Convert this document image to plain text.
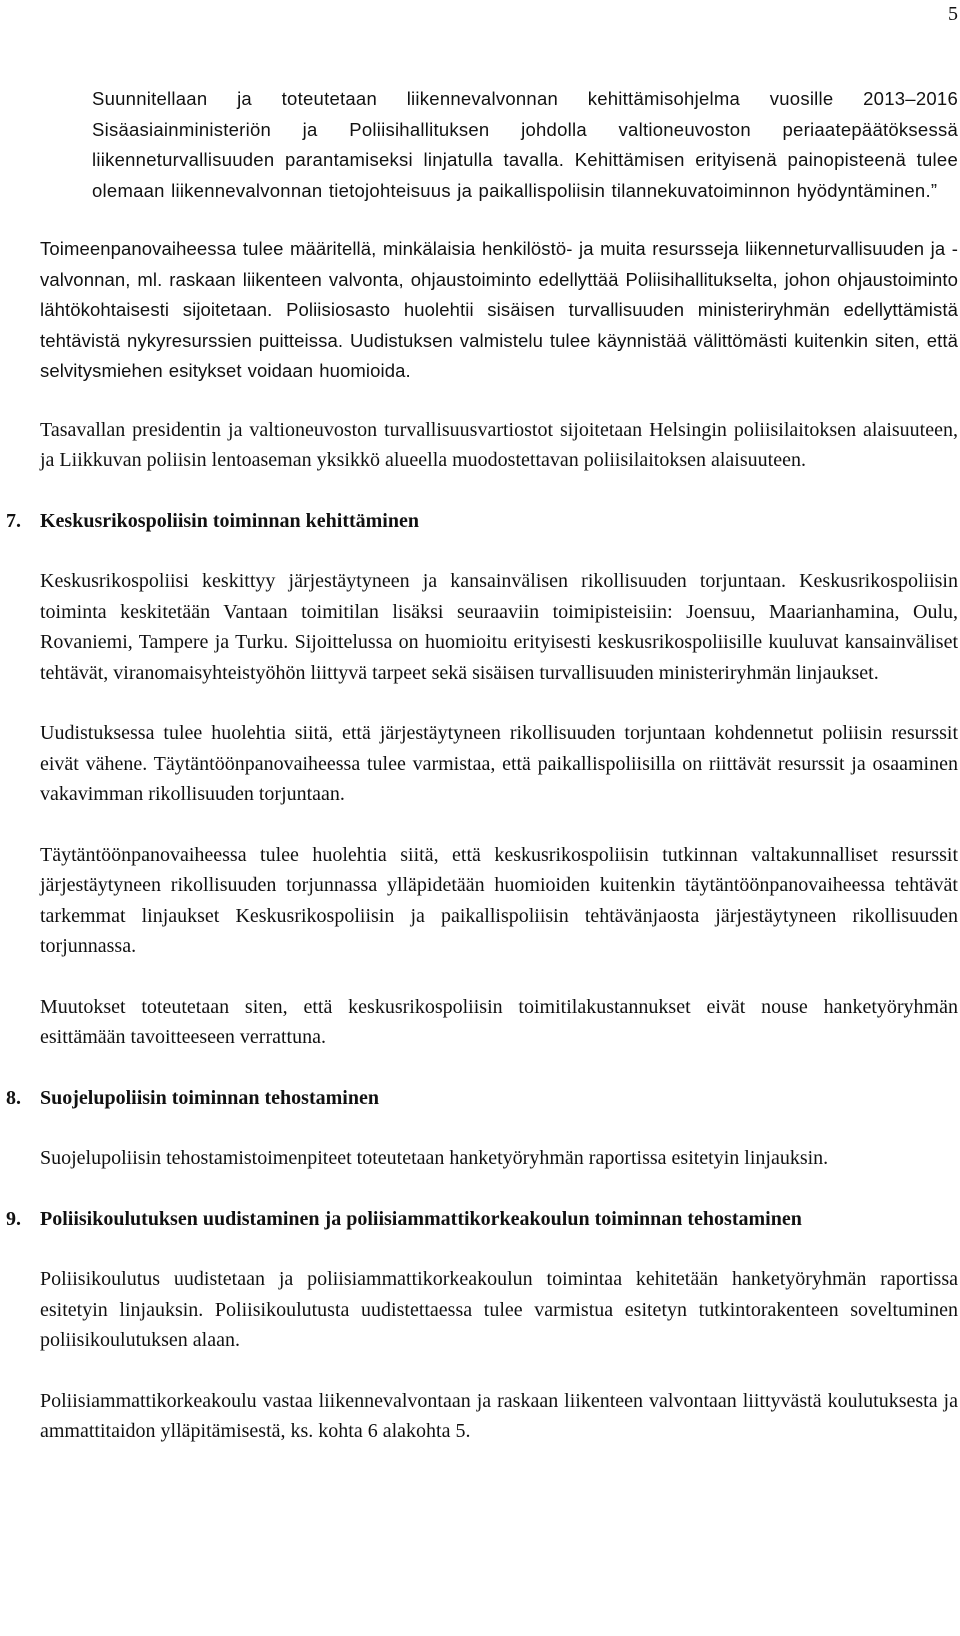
5

Suunnitellaan ja toteutetaan liikennevalvonnan kehittämisohjelma vuosille 2013–2016 Sisäasiainministeriön ja Poliisihallituksen johdolla valtioneuvoston periaatepäätöksessä liikenneturvallisuuden parantamiseksi linjatulla tavalla. Kehittämisen erityisenä painopisteenä tulee olemaan liikennevalvonnan tietojohteisuus ja paikallispoliisin tilannekuvatoiminnon hyödyntäminen.”

Toimeenpanovaiheessa tulee määritellä, minkälaisia henkilöstö- ja muita resursseja liikenneturvallisuuden ja -valvonnan, ml. raskaan liikenteen valvonta, ohjaustoiminto edellyttää Poliisihallitukselta, johon ohjaustoiminto lähtökohtaisesti sijoitetaan. Poliisiosasto huolehtii sisäisen turvallisuuden ministeriryhmän edellyttämistä tehtävistä nykyresurssien puitteissa. Uudistuksen valmistelu tulee käynnistää välittömästi kuitenkin siten, että selvitysmiehen esitykset voidaan huomioida.

Tasavallan presidentin ja valtioneuvoston turvallisuusvartiostot sijoitetaan Helsingin poliisilaitoksen alaisuuteen, ja Liikkuvan poliisin lentoaseman yksikkö alueella muodostettavan poliisilaitoksen alaisuuteen.

7. Keskusrikospoliisin toiminnan kehittäminen

Keskusrikospoliisi keskittyy järjestäytyneen ja kansainvälisen rikollisuuden torjuntaan. Keskusrikospoliisin toiminta keskitetään Vantaan toimitilan lisäksi seuraaviin toimipisteisiin: Joensuu, Maarianhamina, Oulu, Rovaniemi, Tampere ja Turku. Sijoittelussa on huomioitu erityisesti keskusrikospoliisille kuuluvat kansainväliset tehtävät, viranomaisyhteistyöhön liittyvä tarpeet sekä sisäisen turvallisuuden ministeriryhmän linjaukset.

Uudistuksessa tulee huolehtia siitä, että järjestäytyneen rikollisuuden torjuntaan kohdennetut poliisin resurssit eivät vähene. Täytäntöönpanovaiheessa tulee varmistaa, että paikallispoliisilla on riittävät resurssit ja osaaminen vakavimman rikollisuuden torjuntaan.

Täytäntöönpanovaiheessa tulee huolehtia siitä, että keskusrikospoliisin tutkinnan valtakunnalliset resurssit järjestäytyneen rikollisuuden torjunnassa ylläpidetään huomioiden kuitenkin täytäntöönpanovaiheessa tehtävät tarkemmat linjaukset Keskusrikospoliisin ja paikallispoliisin tehtävänjaosta järjestäytyneen rikollisuuden torjunnassa.

Muutokset toteutetaan siten, että keskusrikospoliisin toimitilakustannukset eivät nouse hanketyöryhmän esittämään tavoitteeseen verrattuna.

8. Suojelupoliisin toiminnan tehostaminen

Suojelupoliisin tehostamistoimenpiteet toteutetaan hanketyöryhmän raportissa esitetyin linjauksin.

9. Poliisikoulutuksen uudistaminen ja poliisiammattikorkeakoulun toiminnan tehostaminen

Poliisikoulutus uudistetaan ja poliisiammattikorkeakoulun toimintaa kehitetään hanketyöryhmän raportissa esitetyin linjauksin. Poliisikoulutusta uudistettaessa tulee varmistua esitetyn tutkintorakenteen soveltuminen poliisikoulutuksen alaan.

Poliisiammattikorkeakoulu vastaa liikennevalvontaan ja raskaan liikenteen valvontaan liittyvästä koulutuksesta ja ammattitaidon ylläpitämisestä, ks. kohta 6 alakohta 5.
